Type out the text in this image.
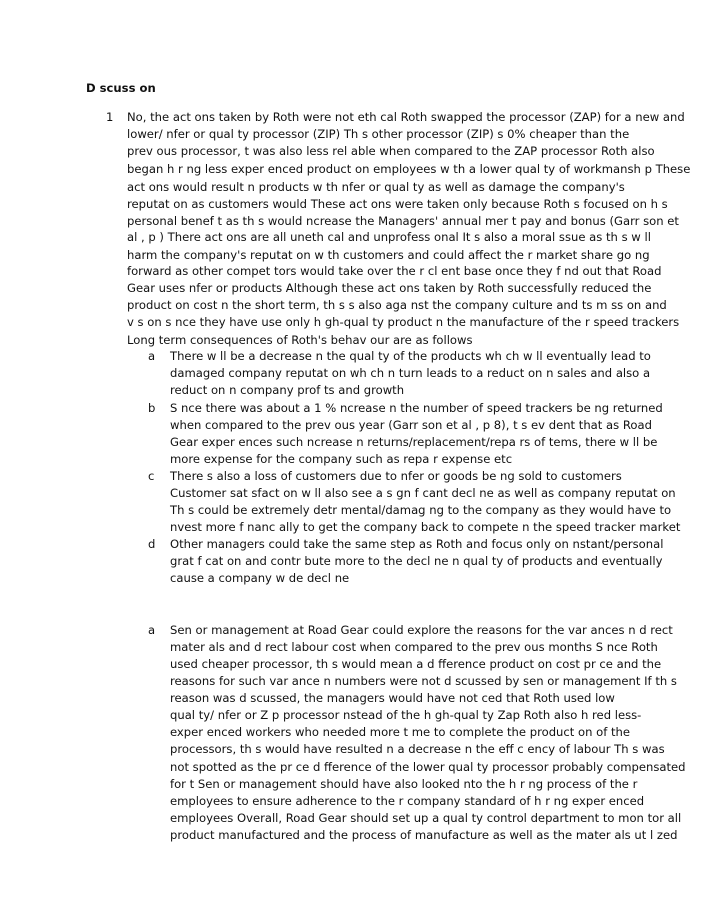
D scuss on
1 No, the act ons taken by Roth were not eth cal Roth swapped the processor (ZAP) for a new and
lower/ nfer or qual ty processor (ZIP) Th s other processor (ZIP) s 0% cheaper than the
prev ous processor, t was also less rel able when compared to the ZAP processor Roth also
began h r ng less exper enced product on employees w th a lower qual ty of workmansh p These
act ons would result n products w th nfer or qual ty as well as damage the company's
reputat on as customers would These act ons were taken only because Roth s focused on h s
personal benef t as th s would ncrease the Managers' annual mer t pay and bonus (Garr son et
al , p ) There act ons are all uneth cal and unprofess onal It s also a moral ssue as th s w ll
harm the company's reputat on w th customers and could affect the r market share go ng
forward as other compet tors would take over the r cl ent base once they f nd out that Road
Gear uses nfer or products Although these act ons taken by Roth successfully reduced the
product on cost n the short term, th s s also aga nst the company culture and ts m ss on and
v s on s nce they have use only h gh-qual ty product n the manufacture of the r speed trackers
Long term consequences of Roth's behav our are as follows
a There w ll be a decrease n the qual ty of the products wh ch w ll eventually lead to
damaged company reputat on wh ch n turn leads to a reduct on n sales and also a
reduct on n company prof ts and growth
b S nce there was about a 1 % ncrease n the number of speed trackers be ng returned
when compared to the prev ous year (Garr son et al , p 8), t s ev dent that as Road
Gear exper ences such ncrease n returns/replacement/repa rs of tems, there w ll be
more expense for the company such as repa r expense etc
c There s also a loss of customers due to nfer or goods be ng sold to customers
Customer sat sfact on w ll also see a s gn f cant decl ne as well as company reputat on
Th s could be extremely detr mental/damag ng to the company as they would have to
nvest more f nanc ally to get the company back to compete n the speed tracker market
d Other managers could take the same step as Roth and focus only on nstant/personal
grat f cat on and contr bute more to the decl ne n qual ty of products and eventually
cause a company w de decl ne
a Sen or management at Road Gear could explore the reasons for the var ances n d rect
mater als and d rect labour cost when compared to the prev ous months S nce Roth
used cheaper processor, th s would mean a d fference product on cost pr ce and the
reasons for such var ance n numbers were not d scussed by sen or management If th s
reason was d scussed, the managers would have not ced that Roth used low
qual ty/ nfer or Z p processor nstead of the h gh-qual ty Zap Roth also h red less-
exper enced workers who needed more t me to complete the product on of the
processors, th s would have resulted n a decrease n the eff c ency of labour Th s was
not spotted as the pr ce d fference of the lower qual ty processor probably compensated
for t Sen or management should have also looked nto the h r ng process of the r
employees to ensure adherence to the r company standard of h r ng exper enced
employees Overall, Road Gear should set up a qual ty control department to mon tor all
product manufactured and the process of manufacture as well as the mater als ut l zed
